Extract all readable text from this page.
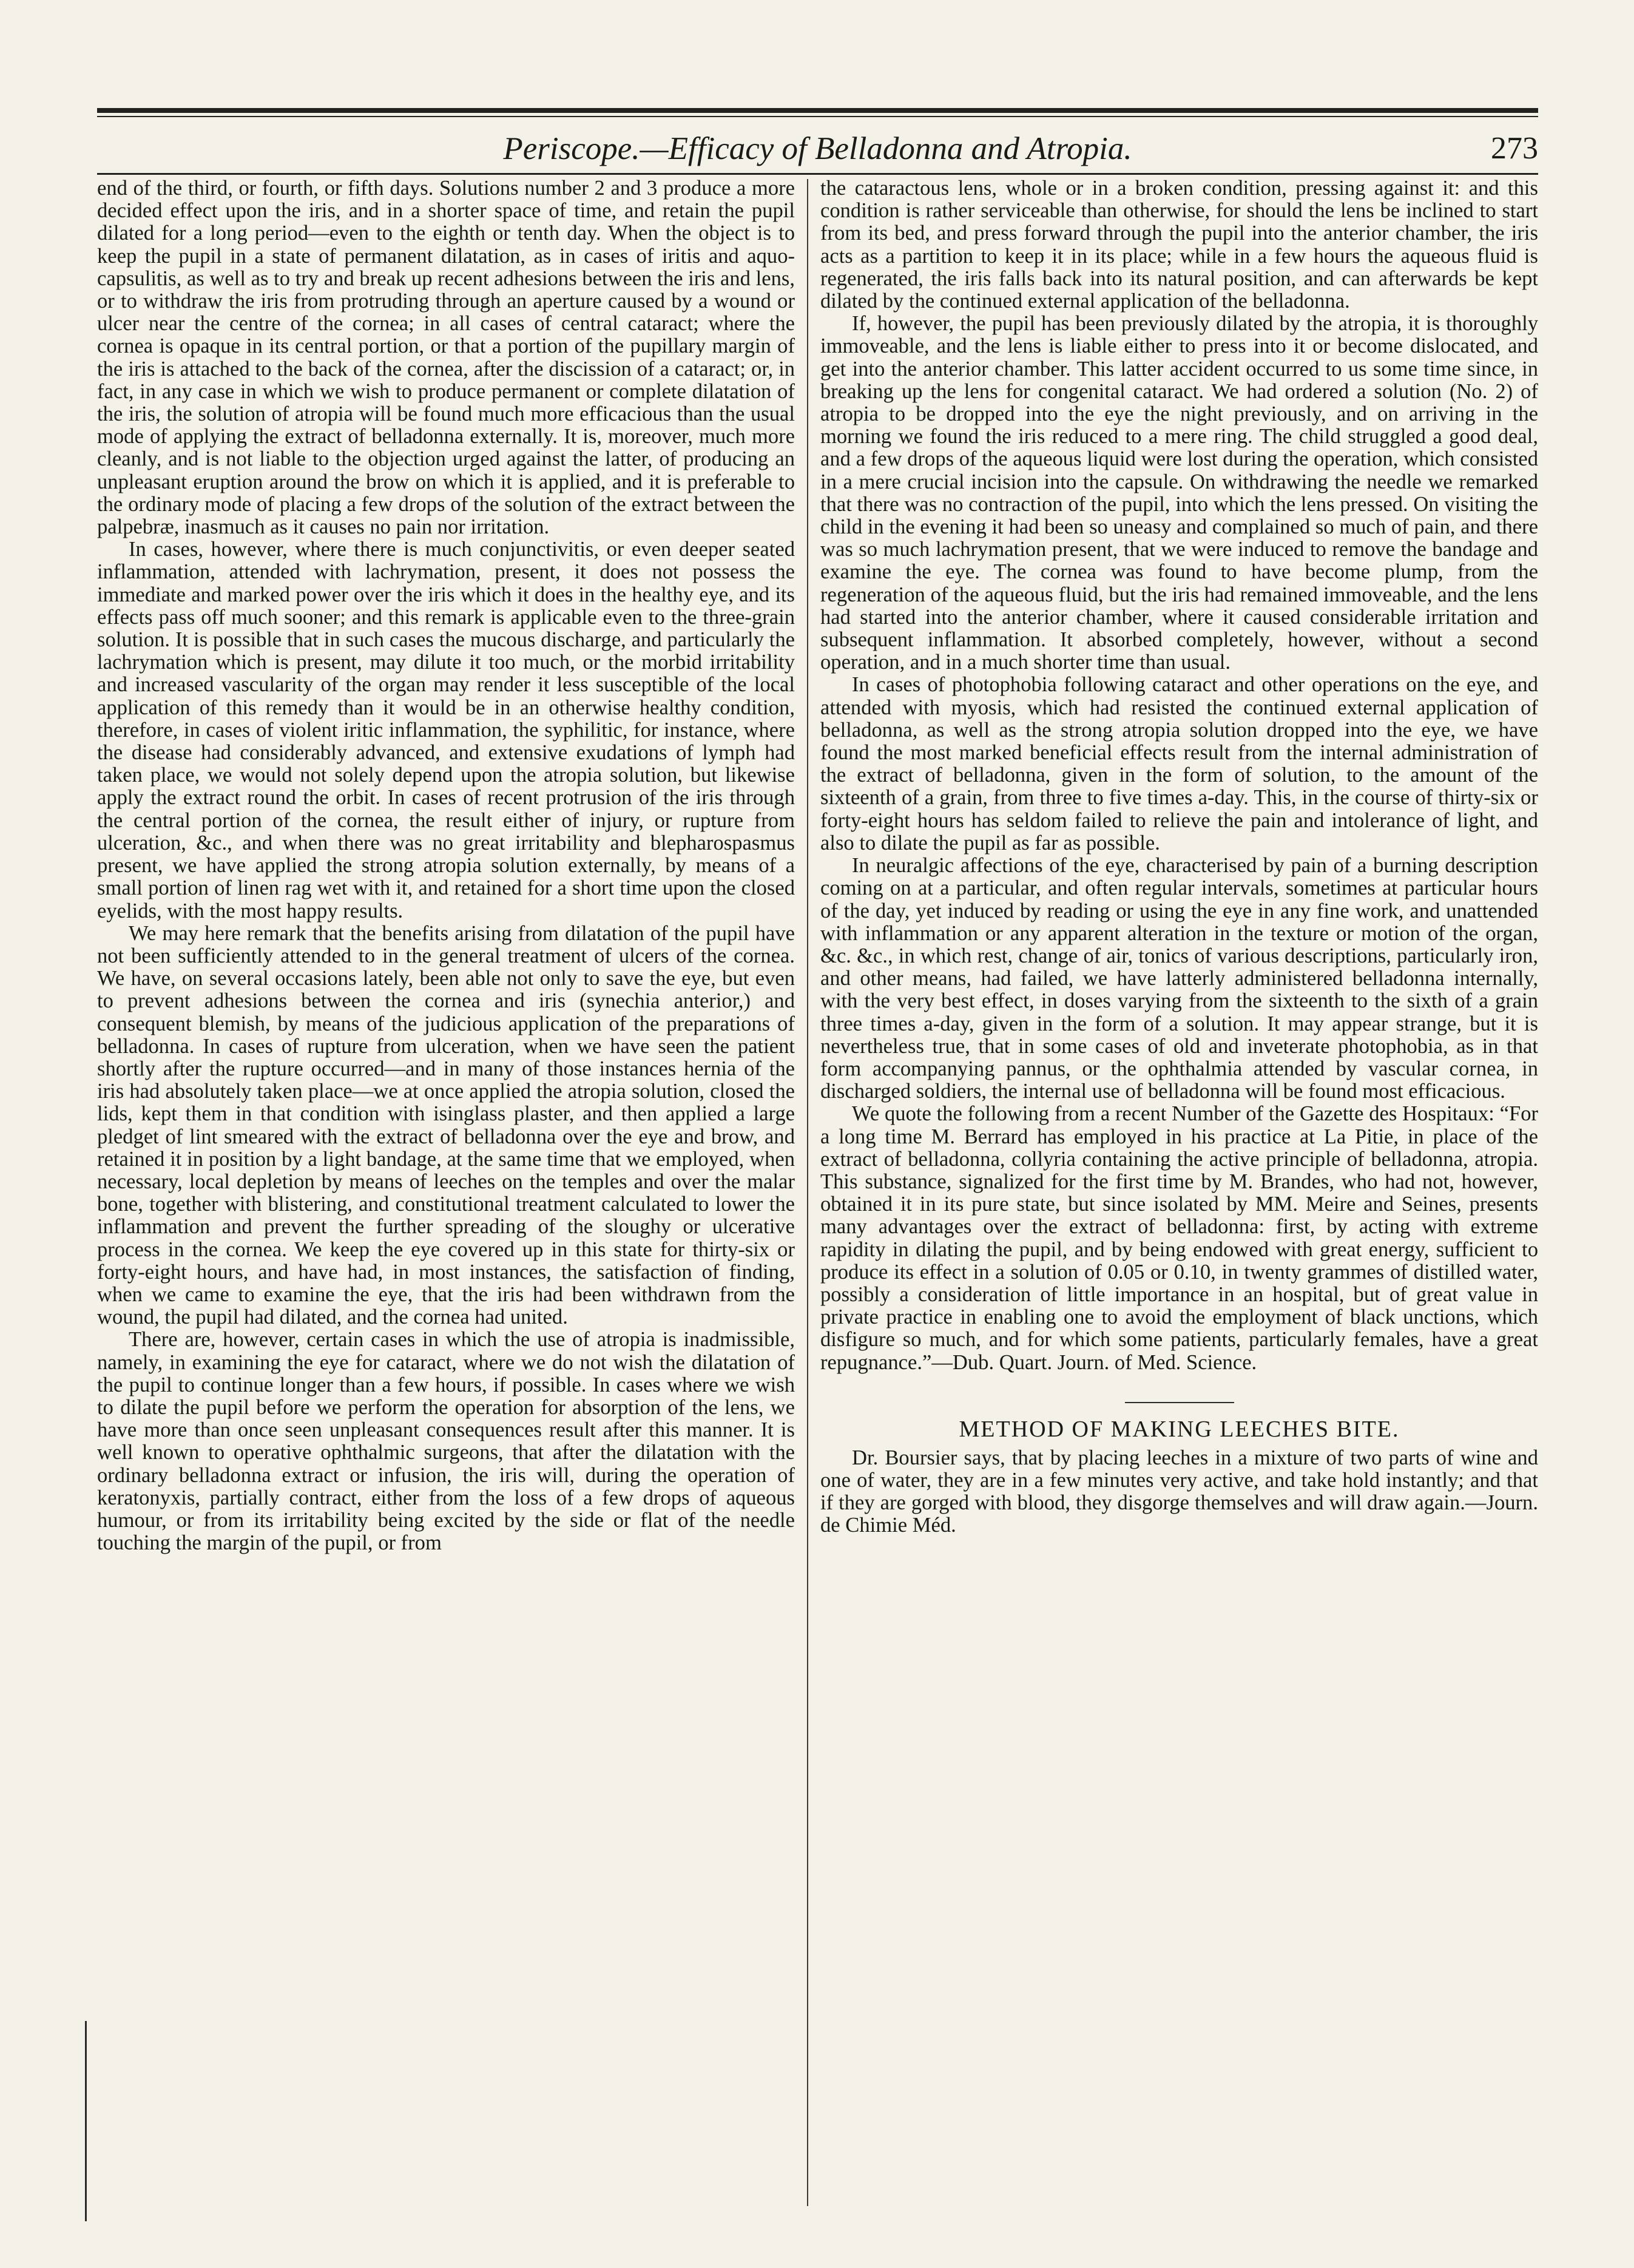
Periscope.—Efficacy of Belladonna and Atropia.	273

end of the third, or fourth, or fifth days. Solutions number 2 and 3 produce a more decided effect upon the iris, and in a shorter space of time, and retain the pupil dilated for a long period—even to the eighth or tenth day. When the object is to keep the pupil in a state of permanent dilatation, as in cases of iritis and aquo-capsulitis, as well as to try and break up recent adhesions between the iris and lens, or to withdraw the iris from protruding through an aperture caused by a wound or ulcer near the centre of the cornea; in all cases of central cataract; where the cornea is opaque in its central portion, or that a portion of the pupillary margin of the iris is attached to the back of the cornea, after the discission of a cataract; or, in fact, in any case in which we wish to produce permanent or complete dilatation of the iris, the solution of atropia will be found much more efficacious than the usual mode of applying the extract of belladonna externally. It is, moreover, much more cleanly, and is not liable to the objection urged against the latter, of producing an unpleasant eruption around the brow on which it is applied, and it is preferable to the ordinary mode of placing a few drops of the solution of the extract between the palpebræ, inasmuch as it causes no pain nor irritation.

In cases, however, where there is much conjunctivitis, or even deeper seated inflammation, attended with lachrymation, present, it does not possess the immediate and marked power over the iris which it does in the healthy eye, and its effects pass off much sooner; and this remark is applicable even to the three-grain solution. It is possible that in such cases the mucous discharge, and particularly the lachrymation which is present, may dilute it too much, or the morbid irritability and increased vascularity of the organ may render it less susceptible of the local application of this remedy than it would be in an otherwise healthy condition, therefore, in cases of violent iritic inflammation, the syphilitic, for instance, where the disease had considerably advanced, and extensive exudations of lymph had taken place, we would not solely depend upon the atropia solution, but likewise apply the extract round the orbit. In cases of recent protrusion of the iris through the central portion of the cornea, the result either of injury, or rupture from ulceration, &c., and when there was no great irritability and blepharospasmus present, we have applied the strong atropia solution externally, by means of a small portion of linen rag wet with it, and retained for a short time upon the closed eyelids, with the most happy results.

We may here remark that the benefits arising from dilatation of the pupil have not been sufficiently attended to in the general treatment of ulcers of the cornea. We have, on several occasions lately, been able not only to save the eye, but even to prevent adhesions between the cornea and iris (synechia anterior,) and consequent blemish, by means of the judicious application of the preparations of belladonna. In cases of rupture from ulceration, when we have seen the patient shortly after the rupture occurred—and in many of those instances hernia of the iris had absolutely taken place—we at once applied the atropia solution, closed the lids, kept them in that condition with isinglass plaster, and then applied a large pledget of lint smeared with the extract of belladonna over the eye and brow, and retained it in position by a light bandage, at the same time that we employed, when necessary, local depletion by means of leeches on the temples and over the malar bone, together with blistering, and constitutional treatment calculated to lower the inflammation and prevent the further spreading of the sloughy or ulcerative process in the cornea. We keep the eye covered up in this state for thirty-six or forty-eight hours, and have had, in most instances, the satisfaction of finding, when we came to examine the eye, that the iris had been withdrawn from the wound, the pupil had dilated, and the cornea had united.

There are, however, certain cases in which the use of atropia is inadmissible, namely, in examining the eye for cataract, where we do not wish the dilatation of the pupil to continue longer than a few hours, if possible. In cases where we wish to dilate the pupil before we perform the operation for absorption of the lens, we have more than once seen unpleasant consequences result after this manner. It is well known to operative ophthalmic surgeons, that after the dilatation with the ordinary belladonna extract or infusion, the iris will, during the operation of keratonyxis, partially contract, either from the loss of a few drops of aqueous humour, or from its irritability being excited by the side or flat of the needle touching the margin of the pupil, or from

the cataractous lens, whole or in a broken condition, pressing against it: and this condition is rather serviceable than otherwise, for should the lens be inclined to start from its bed, and press forward through the pupil into the anterior chamber, the iris acts as a partition to keep it in its place; while in a few hours the aqueous fluid is regenerated, the iris falls back into its natural position, and can afterwards be kept dilated by the continued external application of the belladonna.

If, however, the pupil has been previously dilated by the atropia, it is thoroughly immoveable, and the lens is liable either to press into it or become dislocated, and get into the anterior chamber. This latter accident occurred to us some time since, in breaking up the lens for congenital cataract. We had ordered a solution (No. 2) of atropia to be dropped into the eye the night previously, and on arriving in the morning we found the iris reduced to a mere ring. The child struggled a good deal, and a few drops of the aqueous liquid were lost during the operation, which consisted in a mere crucial incision into the capsule. On withdrawing the needle we remarked that there was no contraction of the pupil, into which the lens pressed. On visiting the child in the evening it had been so uneasy and complained so much of pain, and there was so much lachrymation present, that we were induced to remove the bandage and examine the eye. The cornea was found to have become plump, from the regeneration of the aqueous fluid, but the iris had remained immoveable, and the lens had started into the anterior chamber, where it caused considerable irritation and subsequent inflammation. It absorbed completely, however, without a second operation, and in a much shorter time than usual.

In cases of photophobia following cataract and other operations on the eye, and attended with myosis, which had resisted the continued external application of belladonna, as well as the strong atropia solution dropped into the eye, we have found the most marked beneficial effects result from the internal administration of the extract of belladonna, given in the form of solution, to the amount of the sixteenth of a grain, from three to five times a-day. This, in the course of thirty-six or forty-eight hours has seldom failed to relieve the pain and intolerance of light, and also to dilate the pupil as far as possible.

In neuralgic affections of the eye, characterised by pain of a burning description coming on at a particular, and often regular intervals, sometimes at particular hours of the day, yet induced by reading or using the eye in any fine work, and unattended with inflammation or any apparent alteration in the texture or motion of the organ, &c. &c., in which rest, change of air, tonics of various descriptions, particularly iron, and other means, had failed, we have latterly administered belladonna internally, with the very best effect, in doses varying from the sixteenth to the sixth of a grain three times a-day, given in the form of a solution. It may appear strange, but it is nevertheless true, that in some cases of old and inveterate photophobia, as in that form accompanying pannus, or the ophthalmia attended by vascular cornea, in discharged soldiers, the internal use of belladonna will be found most efficacious.

We quote the following from a recent Number of the Gazette des Hospitaux: “For a long time M. Berrard has employed in his practice at La Pitie, in place of the extract of belladonna, collyria containing the active principle of belladonna, atropia. This substance, signalized for the first time by M. Brandes, who had not, however, obtained it in its pure state, but since isolated by MM. Meire and Seines, presents many advantages over the extract of belladonna: first, by acting with extreme rapidity in dilating the pupil, and by being endowed with great energy, sufficient to produce its effect in a solution of 0.05 or 0.10, in twenty grammes of distilled water, possibly a consideration of little importance in an hospital, but of great value in private practice in enabling one to avoid the employment of black unctions, which disfigure so much, and for which some patients, particularly females, have a great repugnance.”—Dub. Quart. Journ. of Med. Science.

METHOD OF MAKING LEECHES BITE.

Dr. Boursier says, that by placing leeches in a mixture of two parts of wine and one of water, they are in a few minutes very active, and take hold instantly; and that if they are gorged with blood, they disgorge themselves and will draw again.—Journ. de Chimie Méd.
